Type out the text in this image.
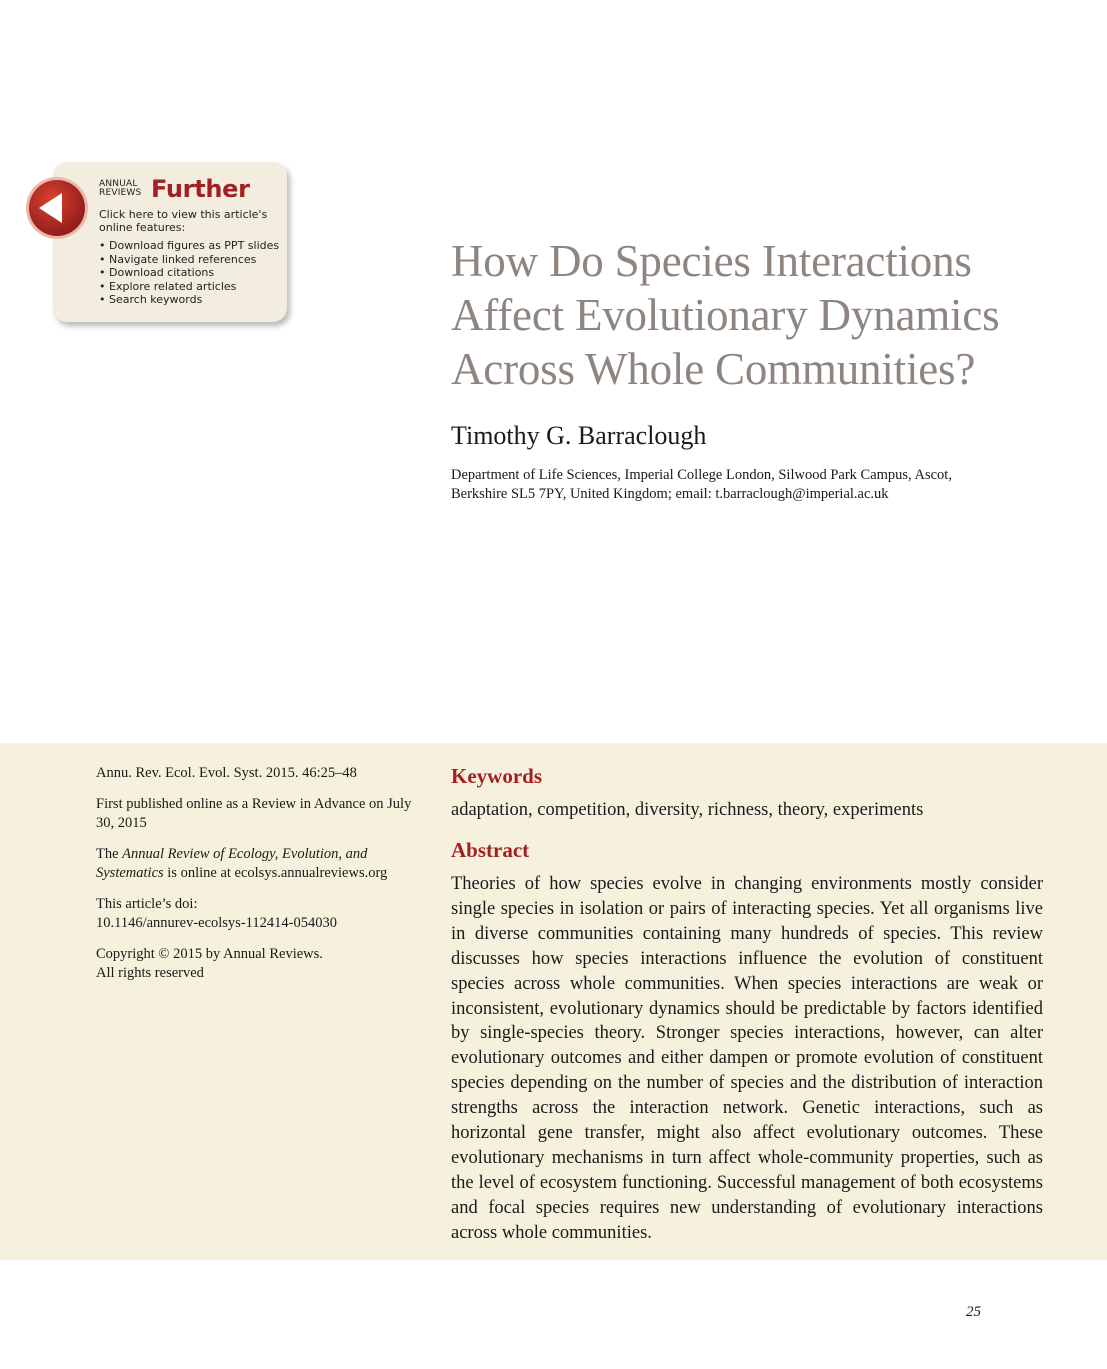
ANNUAL
REVIEWS Further
Click here to view this article's online features:
• Download figures as PPT slides
• Navigate linked references
• Download citations
• Explore related articles
• Search keywords
How Do Species Interactions
Affect Evolutionary Dynamics
Across Whole Communities?
Timothy G. Barraclough
Department of Life Sciences, Imperial College London, Silwood Park Campus, Ascot,
Berkshire SL5 7PY, United Kingdom; email: t.barraclough@imperial.ac.uk

Annu. Rev. Ecol. Evol. Syst. 2015. 46:25–48

First published online as a Review in Advance on July 30, 2015

The Annual Review of Ecology, Evolution, and Systematics is online at ecolsys.annualreviews.org

This article’s doi:
10.1146/annurev-ecolsys-112414-054030

Copyright © 2015 by Annual Reviews.
All rights reserved

Keywords
adaptation, competition, diversity, richness, theory, experiments
Abstract

Theories of how species evolve in changing environments mostly consider single species in isolation or pairs of interacting species. Yet all organisms live in diverse communities containing many hundreds of species. This review discusses how species interactions influence the evolution of constituent species across whole communities. When species interactions are weak or inconsistent, evolutionary dynamics should be predictable by factors identified by single-species theory. Stronger species interactions, however, can alter evolutionary outcomes and either dampen or promote evolution of constituent species depending on the number of species and the distribution of interaction strengths across the interaction network. Genetic interactions, such as horizontal gene transfer, might also affect evolutionary outcomes. These evolutionary mechanisms in turn affect whole-community properties, such as the level of ecosystem functioning. Successful management of both ecosystems and focal species requires new understanding of evolutionary interactions across whole communities.

25
